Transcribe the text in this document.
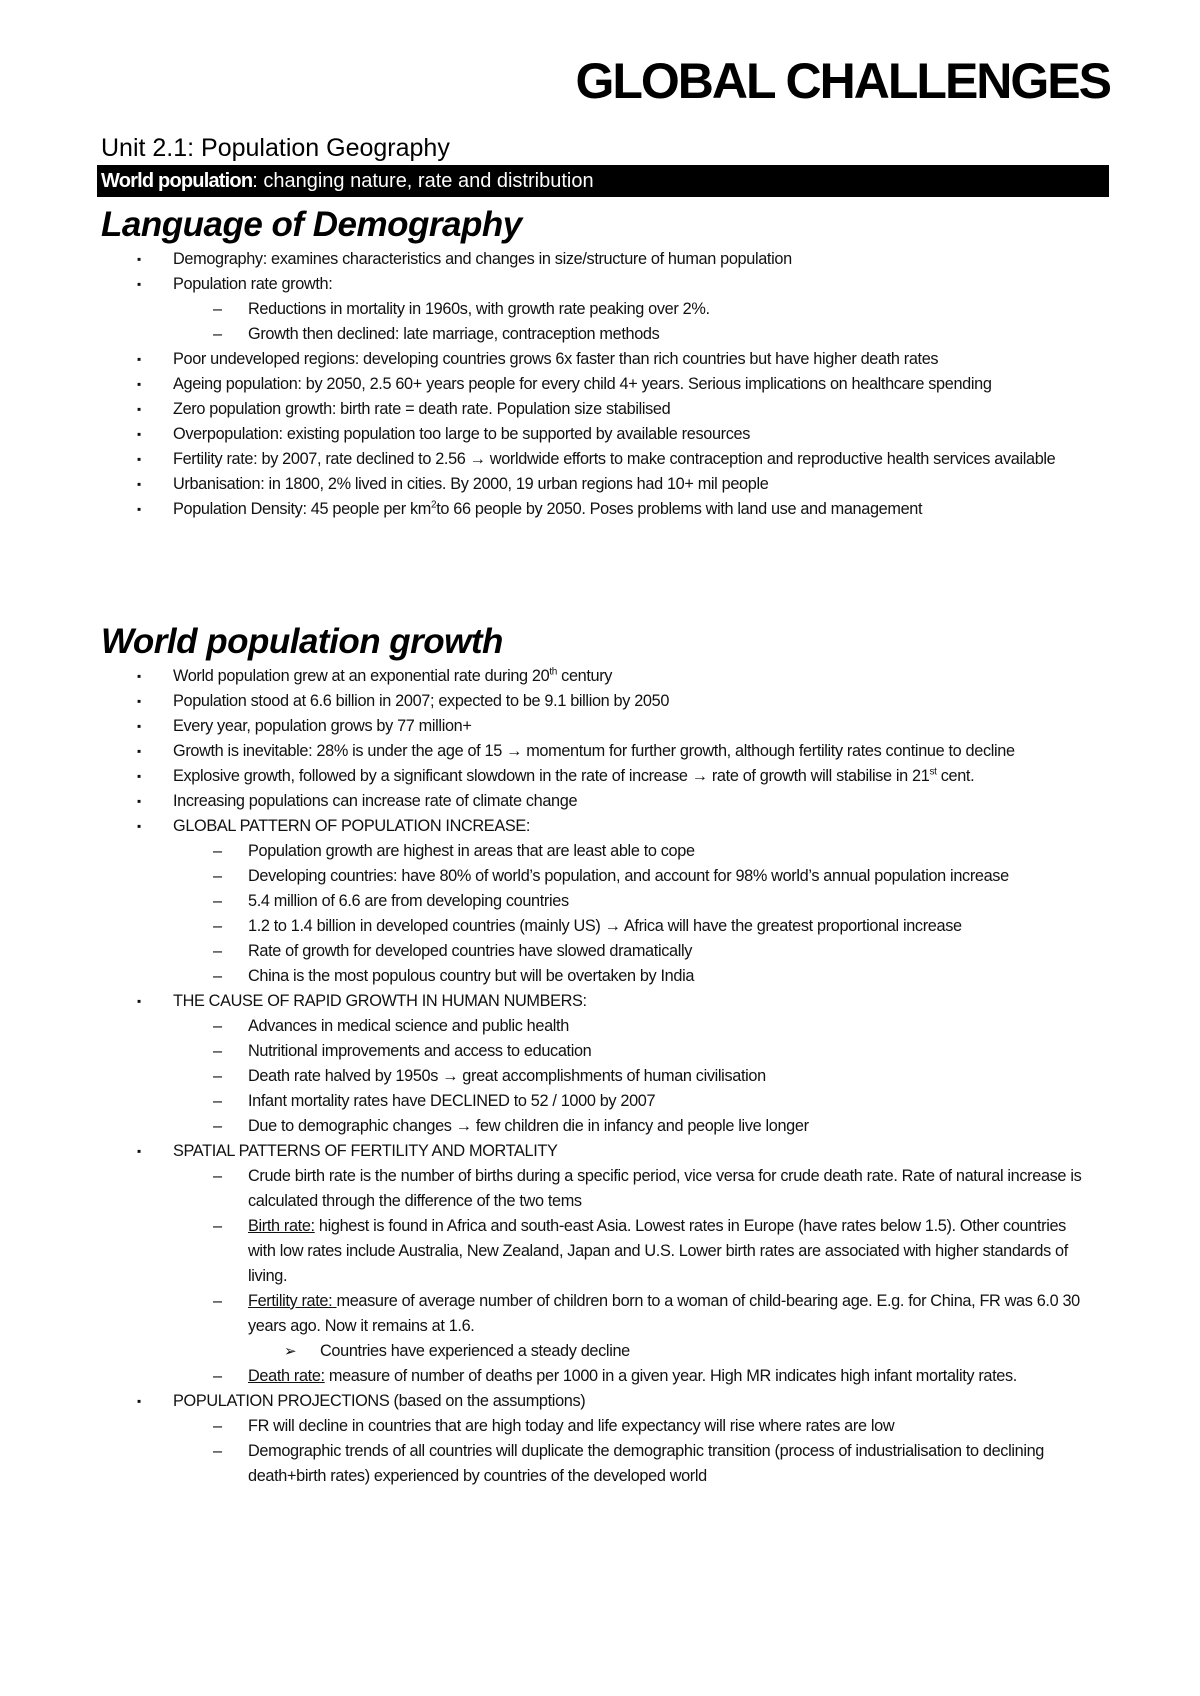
GLOBAL CHALLENGES
Unit 2.1: Population Geography
World population: changing nature, rate and distribution
Language of Demography
▪ Demography: examines characteristics and changes in size/structure of human population
▪ Population rate growth:
– Reductions in mortality in 1960s, with growth rate peaking over 2%.
– Growth then declined: late marriage, contraception methods
▪ Poor undeveloped regions: developing countries grows 6x faster than rich countries but have higher death rates
▪ Ageing population: by 2050, 2.5 60+ years people for every child 4+ years. Serious implications on healthcare spending
▪ Zero population growth: birth rate = death rate. Population size stabilised
▪ Overpopulation: existing population too large to be supported by available resources
▪ Fertility rate: by 2007, rate declined to 2.56 → worldwide efforts to make contraception and reproductive health services available
▪ Urbanisation: in 1800, 2% lived in cities. By 2000, 19 urban regions had 10+ mil people
▪ Population Density: 45 people per $km^2to$ 66 people by 2050. Poses problems with land use and management
World population growth
▪ World population grew at an exponential rate during 20th century
▪ Population stood at 6.6 billion in 2007; expected to be 9.1 billion by 2050
▪ Every year, population grows by 77 million+
▪ Growth is inevitable: 28% is under the age of 15 → momentum for further growth, although fertility rates continue to decline
▪ Explosive growth, followed by a significant slowdown in the rate of increase → rate of growth will stabilise in 21st cent.
▪ Increasing populations can increase rate of climate change
▪ GLOBAL PATTERN OF POPULATION INCREASE:
– Population growth are highest in areas that are least able to cope
– Developing countries: have 80% of world’s population, and account for 98% world’s annual population increase
– 5.4 million of 6.6 are from developing countries
– 1.2 to 1.4 billion in developed countries (mainly US) → Africa will have the greatest proportional increase
– Rate of growth for developed countries have slowed dramatically
– China is the most populous country but will be overtaken by India
▪ THE CAUSE OF RAPID GROWTH IN HUMAN NUMBERS:
– Advances in medical science and public health
– Nutritional improvements and access to education
– Death rate halved by 1950s → great accomplishments of human civilisation
– Infant mortality rates have DECLINED to 52 / 1000 by 2007
– Due to demographic changes → few children die in infancy and people live longer
▪ SPATIAL PATTERNS OF FERTILITY AND MORTALITY
– Crude birth rate is the number of births during a specific period, vice versa for crude death rate. Rate of natural increase is calculated through the difference of the two tems
– Birth rate: highest is found in Africa and south-east Asia. Lowest rates in Europe (have rates below 1.5). Other countries with low rates include Australia, New Zealand, Japan and U.S. Lower birth rates are associated with higher standards of living.
– Fertility rate: measure of average number of children born to a woman of child-bearing age. E.g. for China, FR was 6.0 30 years ago. Now it remains at 1.6.
➢ Countries have experienced a steady decline
– Death rate: measure of number of deaths per 1000 in a given year. High MR indicates high infant mortality rates.
▪ POPULATION PROJECTIONS (based on the assumptions)
– FR will decline in countries that are high today and life expectancy will rise where rates are low
– Demographic trends of all countries will duplicate the demographic transition (process of industrialisation to declining death+birth rates) experienced by countries of the developed world
